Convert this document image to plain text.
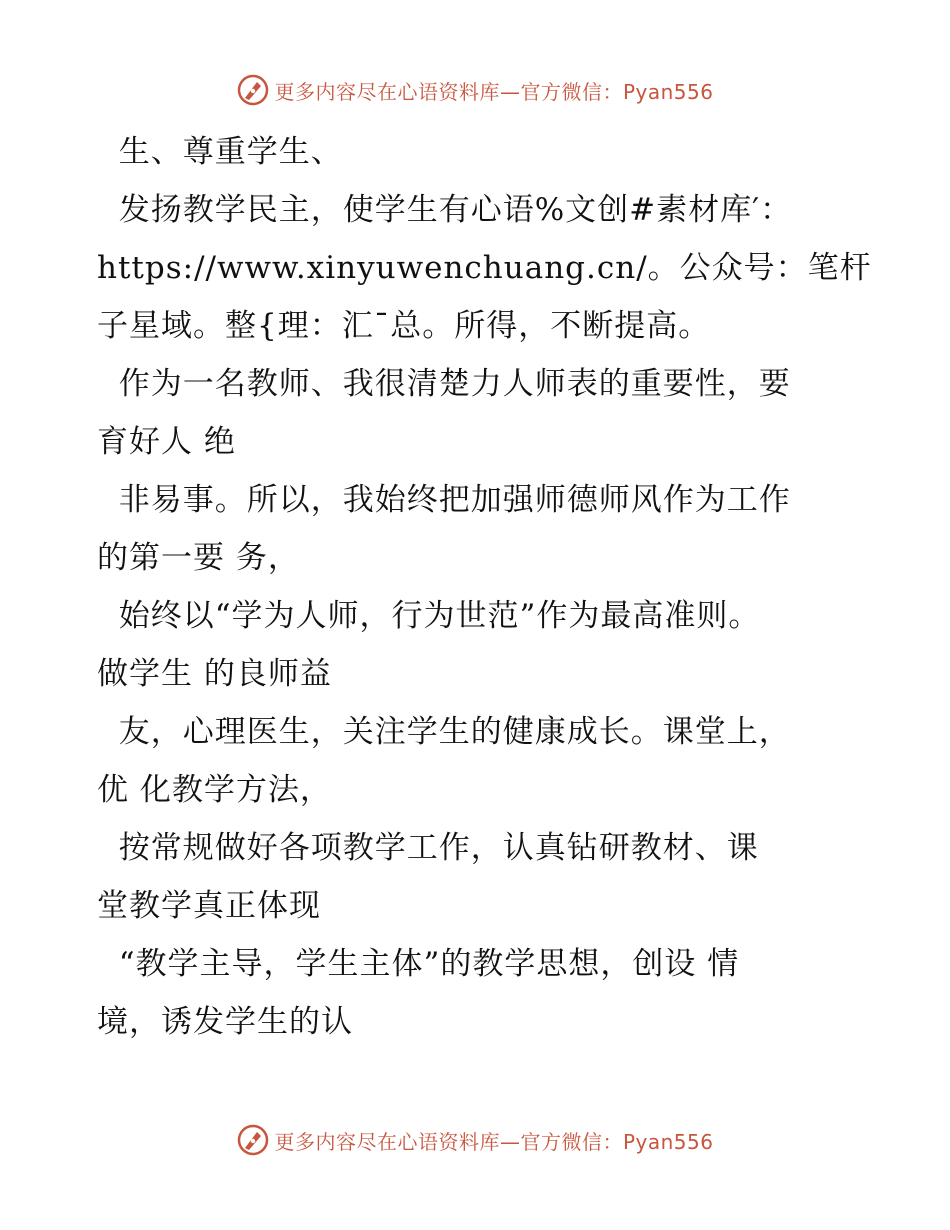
更多内容尽在心语资料库—官方微信：Pyan556
生、尊重学生、
发扬教学民主，使学生有心语%文创#素材库′：
https://www.xinyuwenchuang.cn/。公众号：笔杆
子星域。整{理：汇¯总。所得，不断提高。
作为一名教师、我很清楚力人师表的重要性，要
育好人 绝
非易事。所以，我始终把加强师德师风作为工作
的第一要 务，
始终以“学为人师，行为世范”作为最高准则。
做学生 的良师益
友，心理医生，关注学生的健康成长。课堂上，
优 化教学方法，
按常规做好各项教学工作，认真钻研教材、课
堂教学真正体现
“教学主导，学生主体”的教学思想，创设 情
境，诱发学生的认
更多内容尽在心语资料库—官方微信：Pyan556
